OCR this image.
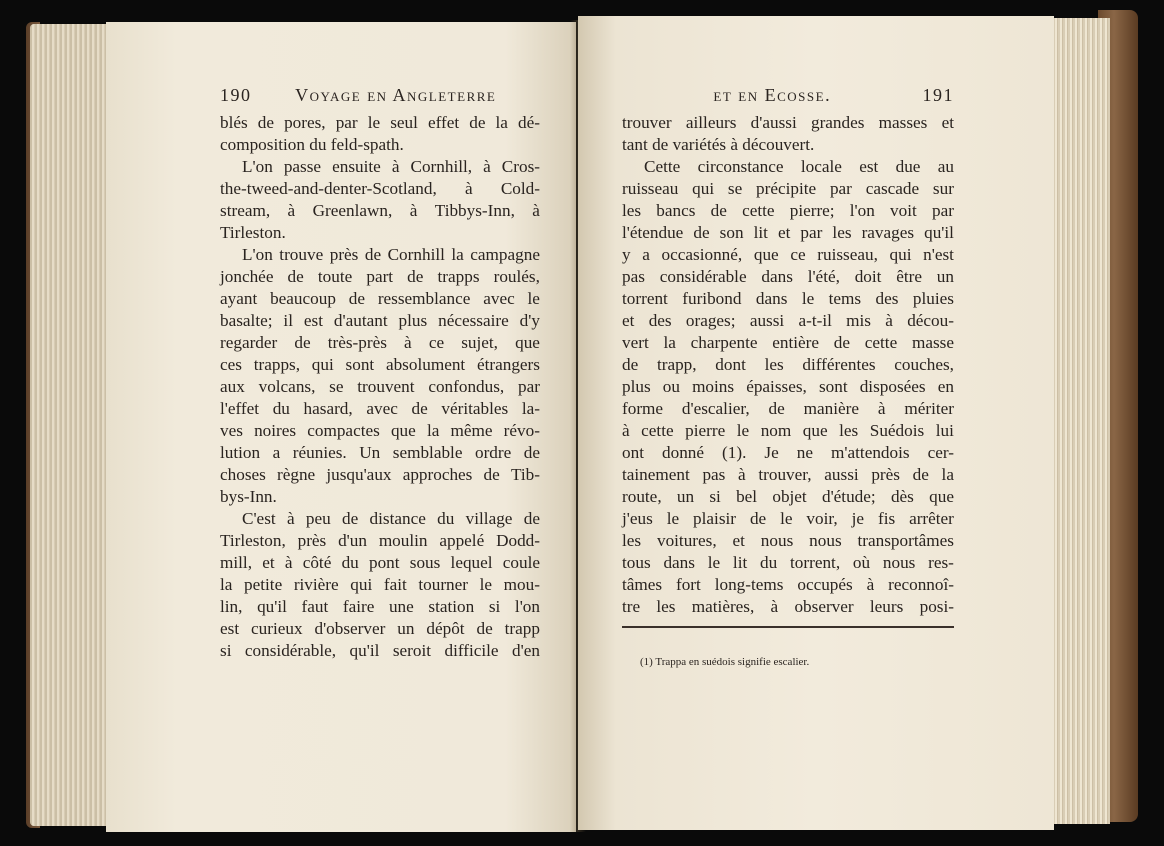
190	Voyage en Angleterre
blés de pores, par le seul effet de la dé-
composition du feld-spath.
L'on passe ensuite à Cornhill, à Cros-
the-tweed-and-denter-Scotland, à Cold-
stream, à Greenlawn, à Tibbys-Inn, à
Tirleston.
L'on trouve près de Cornhill la campagne
jonchée de toute part de trapps roulés,
ayant beaucoup de ressemblance avec le
basalte; il est d'autant plus nécessaire d'y
regarder de très-près à ce sujet, que
ces trapps, qui sont absolument étrangers
aux volcans, se trouvent confondus, par
l'effet du hasard, avec de véritables la-
ves noires compactes que la même révo-
lution a réunies. Un semblable ordre de
choses règne jusqu'aux approches de Tib-
bys-Inn.
C'est à peu de distance du village de
Tirleston, près d'un moulin appelé Dodd-
mill, et à côté du pont sous lequel coule
la petite rivière qui fait tourner le mou-
lin, qu'il faut faire une station si l'on
est curieux d'observer un dépôt de trapp
si considérable, qu'il seroit difficile d'en
et en Ecosse.	191
trouver ailleurs d'aussi grandes masses et
tant de variétés à découvert.
Cette circonstance locale est due au
ruisseau qui se précipite par cascade sur
les bancs de cette pierre; l'on voit par
l'étendue de son lit et par les ravages qu'il
y a occasionné, que ce ruisseau, qui n'est
pas considérable dans l'été, doit être un
torrent furibond dans le tems des pluies
et des orages; aussi a-t-il mis à décou-
vert la charpente entière de cette masse
de trapp, dont les différentes couches,
plus ou moins épaisses, sont disposées en
forme d'escalier, de manière à mériter
à cette pierre le nom que les Suédois lui
ont donné (1). Je ne m'attendois cer-
tainement pas à trouver, aussi près de la
route, un si bel objet d'étude; dès que
j'eus le plaisir de le voir, je fis arrêter
les voitures, et nous nous transportâmes
tous dans le lit du torrent, où nous res-
tâmes fort long-tems occupés à reconnoî-
tre les matières, à observer leurs posi-
(1) Trappa en suédois signifie escalier.
